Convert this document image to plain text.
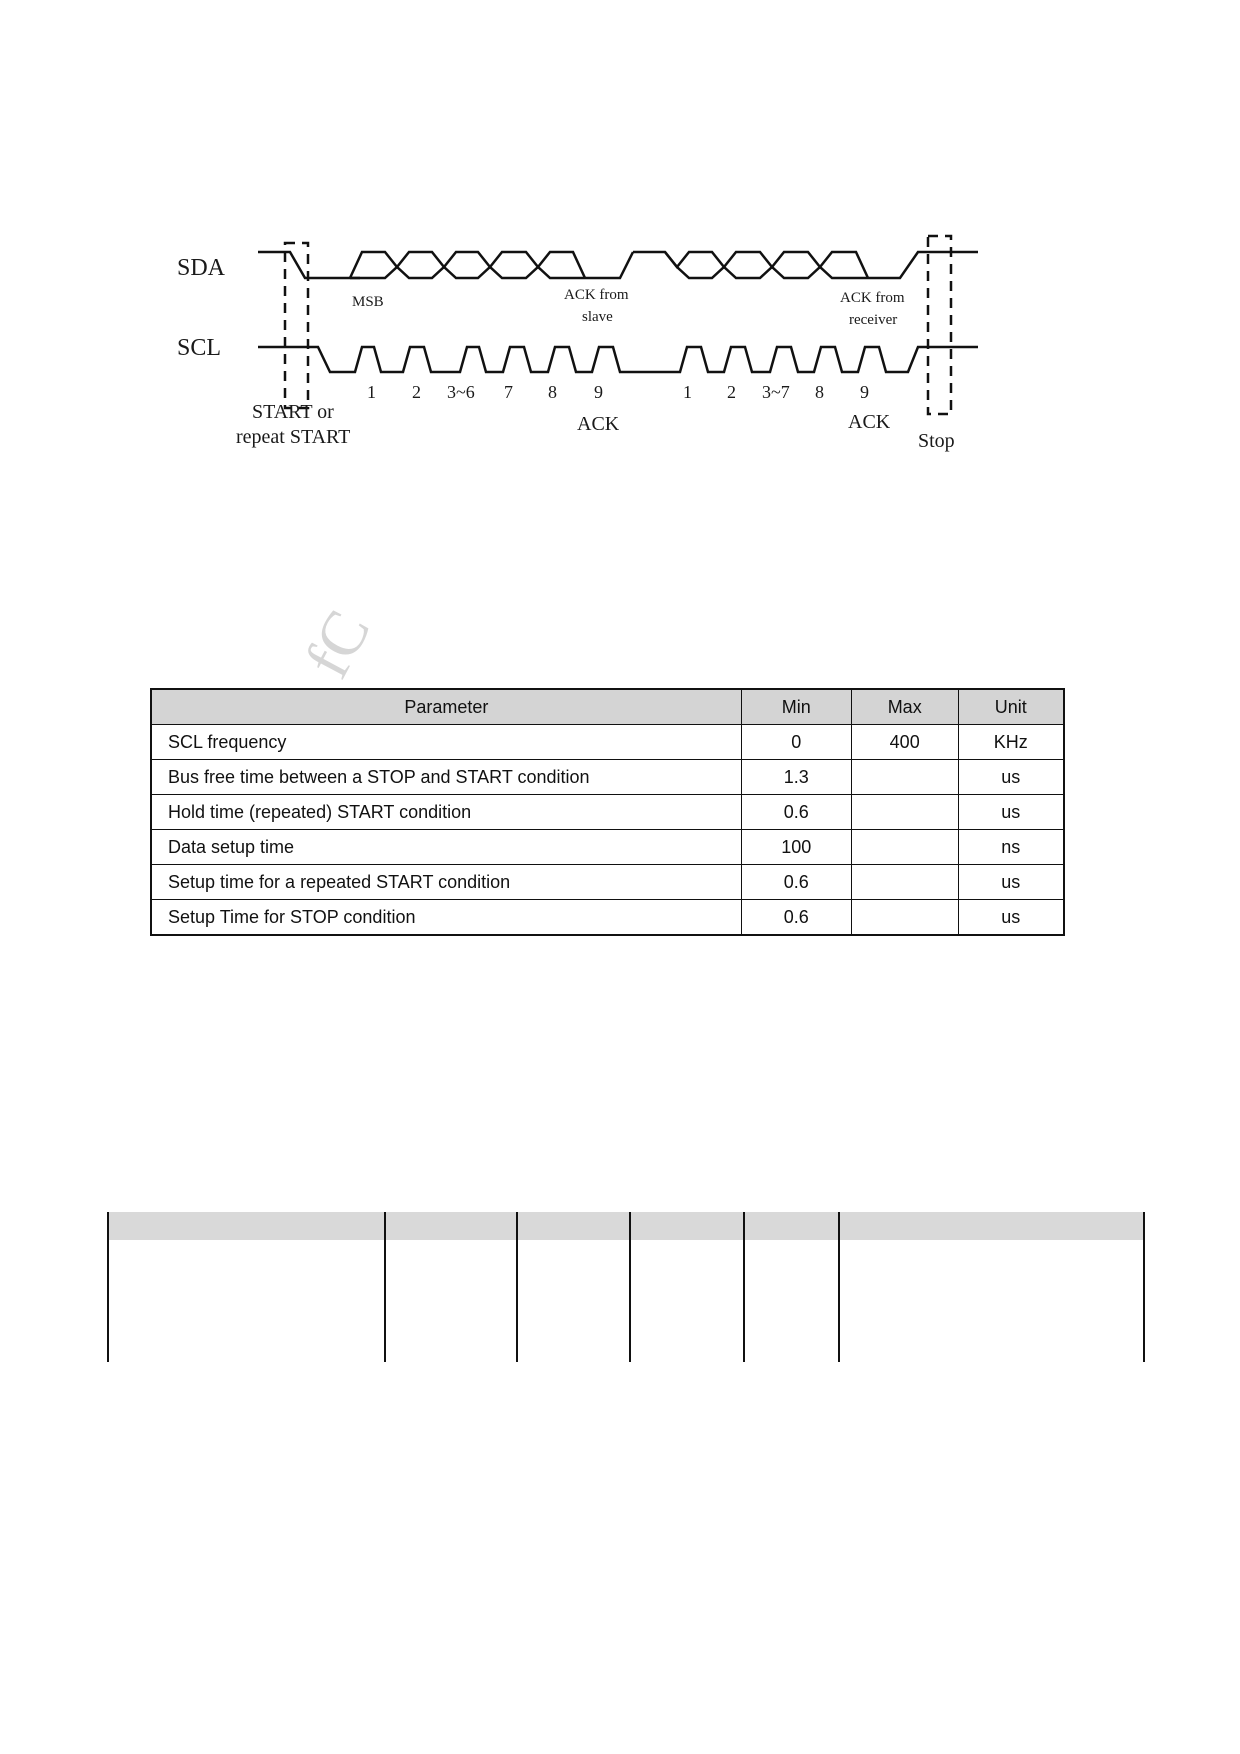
SDA
SCL
MSB	ACK from
slave
ACK from
receiver
START or
repeat START
ACK	ACK
Stop
1 2 3~6 7 8 9	1 2 3~7 8 9
fC
Parameter	Min	Max	Unit
SCL frequency	0	400	KHz
Bus free time between a STOP and START condition	1.3		us
Hold time (repeated) START condition	0.6		us
Data setup time	100		ns
Setup time for a repeated START condition	0.6		us
Setup Time for STOP condition	0.6		us
